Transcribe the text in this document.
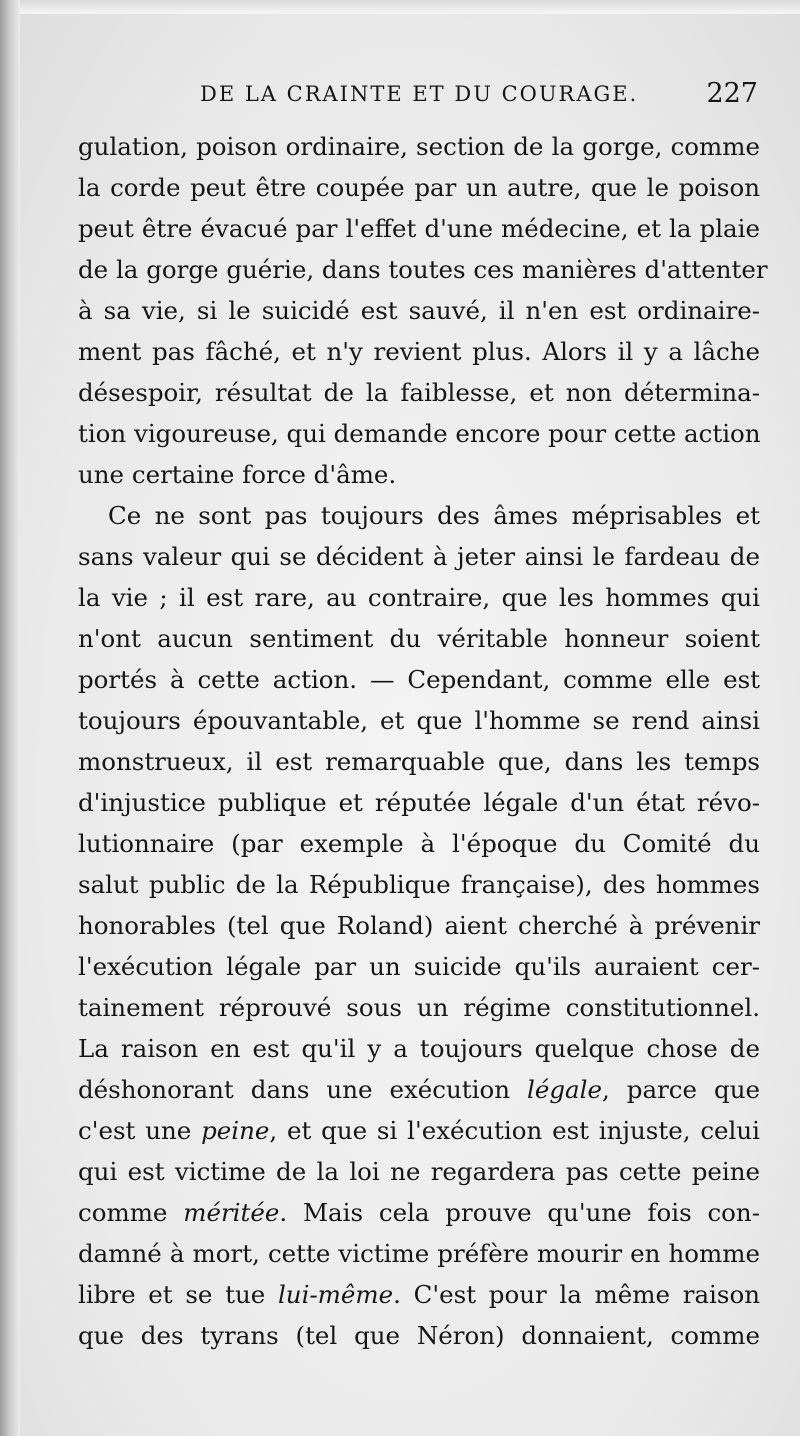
DE LA CRAINTE ET DU COURAGE.	227
gulation, poison ordinaire, section de la gorge, comme
la corde peut être coupée par un autre, que le poison
peut être évacué par l'effet d'une médecine, et la plaie
de la gorge guérie, dans toutes ces manières d'attenter
à sa vie, si le suicidé est sauvé, il n'en est ordinaire-
ment pas fâché, et n'y revient plus. Alors il y a lâche
désespoir, résultat de la faiblesse, et non détermina-
tion vigoureuse, qui demande encore pour cette action
une certaine force d'âme.
Ce ne sont pas toujours des âmes méprisables et
sans valeur qui se décident à jeter ainsi le fardeau de
la vie ; il est rare, au contraire, que les hommes qui
n'ont aucun sentiment du véritable honneur soient
portés à cette action. — Cependant, comme elle est
toujours épouvantable, et que l'homme se rend ainsi
monstrueux, il est remarquable que, dans les temps
d'injustice publique et réputée légale d'un état révo-
lutionnaire (par exemple à l'époque du Comité du
salut public de la République française), des hommes
honorables (tel que Roland) aient cherché à prévenir
l'exécution légale par un suicide qu'ils auraient cer-
tainement réprouvé sous un régime constitutionnel.
La raison en est qu'il y a toujours quelque chose de
déshonorant dans une exécution légale, parce que
c'est une peine, et que si l'exécution est injuste, celui
qui est victime de la loi ne regardera pas cette peine
comme méritée. Mais cela prouve qu'une fois con-
damné à mort, cette victime préfère mourir en homme
libre et se tue lui-même. C'est pour la même raison
que des tyrans (tel que Néron) donnaient, comme
